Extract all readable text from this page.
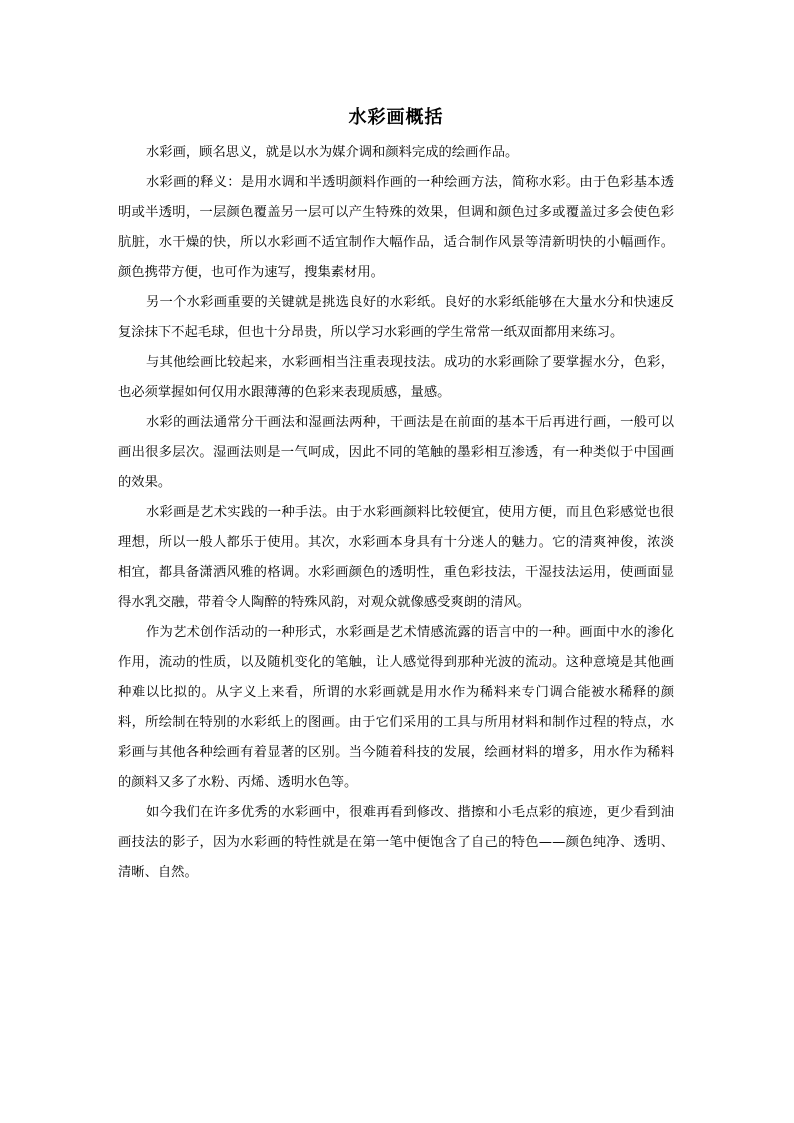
水彩画概括

水彩画，顾名思义，就是以水为媒介调和颜料完成的绘画作品。

水彩画的释义：是用水调和半透明颜料作画的一种绘画方法，简称水彩。由于色彩基本透明或半透明，一层颜色覆盖另一层可以产生特殊的效果，但调和颜色过多或覆盖过多会使色彩肮脏，水干燥的快，所以水彩画不适宜制作大幅作品，适合制作风景等清新明快的小幅画作。颜色携带方便，也可作为速写，搜集素材用。

另一个水彩画重要的关键就是挑选良好的水彩纸。良好的水彩纸能够在大量水分和快速反复涂抹下不起毛球，但也十分昂贵，所以学习水彩画的学生常常一纸双面都用来练习。

与其他绘画比较起来，水彩画相当注重表现技法。成功的水彩画除了要掌握水分，色彩，也必须掌握如何仅用水跟薄薄的色彩来表现质感，量感。

水彩的画法通常分干画法和湿画法两种，干画法是在前面的基本干后再进行画，一般可以画出很多层次。湿画法则是一气呵成，因此不同的笔触的墨彩相互渗透，有一种类似于中国画的效果。

水彩画是艺术实践的一种手法。由于水彩画颜料比较便宜，使用方便，而且色彩感觉也很理想，所以一般人都乐于使用。其次，水彩画本身具有十分迷人的魅力。它的清爽神俊，浓淡相宜，都具备潇洒风雅的格调。水彩画颜色的透明性，重色彩技法，干湿技法运用，使画面显得水乳交融，带着令人陶醉的特殊风韵，对观众就像感受爽朗的清风。

作为艺术创作活动的一种形式，水彩画是艺术情感流露的语言中的一种。画面中水的渗化作用，流动的性质，以及随机变化的笔触，让人感觉得到那种光波的流动。这种意境是其他画种难以比拟的。从字义上来看，所谓的水彩画就是用水作为稀料来专门调合能被水稀释的颜料，所绘制在特别的水彩纸上的图画。由于它们采用的工具与所用材料和制作过程的特点，水彩画与其他各种绘画有着显著的区别。当今随着科技的发展，绘画材料的增多，用水作为稀料的颜料又多了水粉、丙烯、透明水色等。

如今我们在许多优秀的水彩画中，很难再看到修改、揩擦和小毛点彩的痕迹，更少看到油画技法的影子，因为水彩画的特性就是在第一笔中便饱含了自己的特色——颜色纯净、透明、清晰、自然。
